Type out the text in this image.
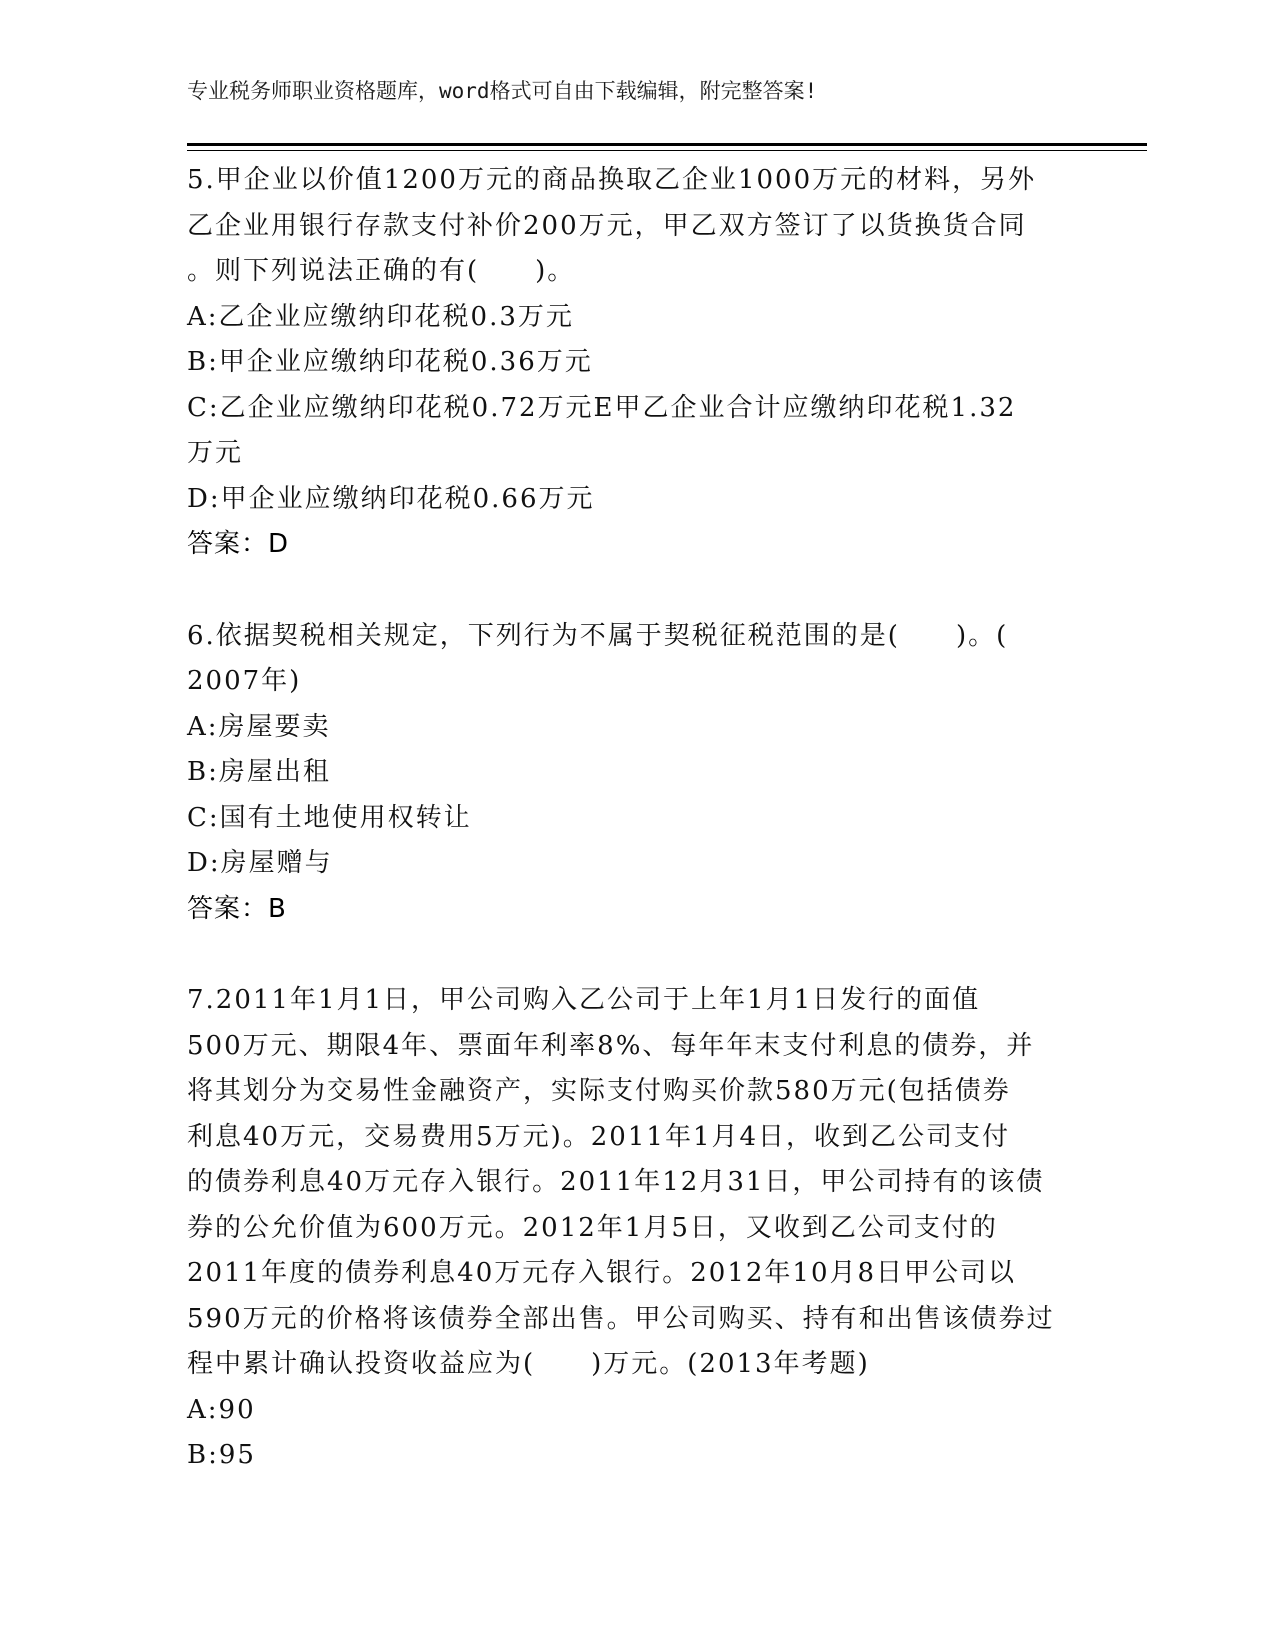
专业税务师职业资格题库，word格式可自由下载编辑，附完整答案!
5.甲企业以价值1200万元的商品换取乙企业1000万元的材料，另外
乙企业用银行存款支付补价200万元，甲乙双方签订了以货换货合同
。则下列说法正确的有(　　)。
A:乙企业应缴纳印花税0.3万元
B:甲企业应缴纳印花税0.36万元
C:乙企业应缴纳印花税0.72万元E甲乙企业合计应缴纳印花税1.32
万元
D:甲企业应缴纳印花税0.66万元
答案：D
6.依据契税相关规定，下列行为不属于契税征税范围的是(　　)。(
2007年)
A:房屋要卖
B:房屋出租
C:国有土地使用权转让
D:房屋赠与
答案：B
7.2011年1月1日，甲公司购入乙公司于上年1月1日发行的面值
500万元、期限4年、票面年利率8%、每年年末支付利息的债券，并
将其划分为交易性金融资产，实际支付购买价款580万元(包括债券
利息40万元，交易费用5万元)。2011年1月4日，收到乙公司支付
的债券利息40万元存入银行。2011年12月31日，甲公司持有的该债
券的公允价值为600万元。2012年1月5日，又收到乙公司支付的
2011年度的债券利息40万元存入银行。2012年10月8日甲公司以
590万元的价格将该债券全部出售。甲公司购买、持有和出售该债券过
程中累计确认投资收益应为(　　)万元。(2013年考题)
A:90
B:95
